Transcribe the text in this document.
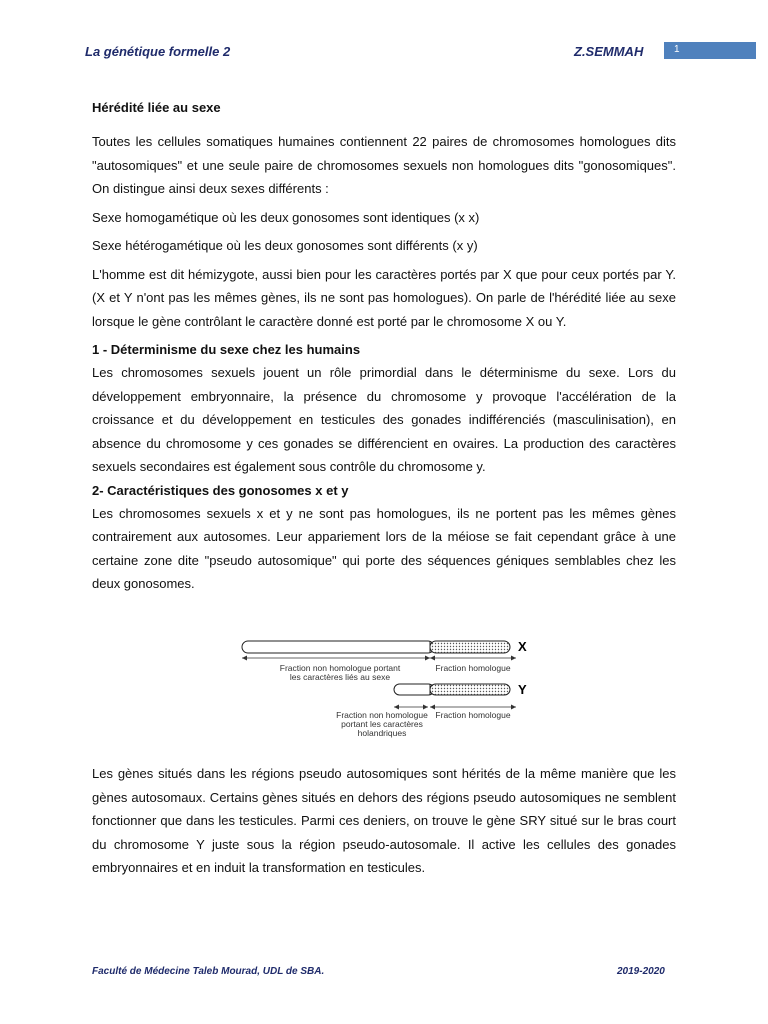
La génétique formelle 2	Z.SEMMAH	1
Hérédité liée au sexe

Toutes les cellules somatiques humaines contiennent 22 paires de chromosomes homologues dits "autosomiques" et une seule paire de chromosomes sexuels non homologues dits "gonosomiques". On distingue ainsi deux sexes différents :

Sexe homogamétique où les deux gonosomes sont identiques (x x)

Sexe hétérogamétique où les deux gonosomes sont différents (x y)

L'homme est dit hémizygote, aussi bien pour les caractères portés par X que pour ceux portés par Y. (X et Y n'ont pas les mêmes gènes, ils ne sont pas homologues). On parle de l'hérédité liée au sexe lorsque le gène contrôlant le caractère donné est porté par le chromosome X ou Y.

1 - Déterminisme du sexe chez les humains

Les chromosomes sexuels jouent un rôle primordial dans le déterminisme du sexe. Lors du développement embryonnaire, la présence du chromosome y provoque l'accélération de la croissance et du développement en testicules des gonades indifférenciés (masculinisation), en absence du chromosome y ces gonades se différencient en ovaires. La production des caractères sexuels secondaires est également sous contrôle du chromosome y.

2- Caractéristiques des gonosomes x et y

Les chromosomes sexuels x et y ne sont pas homologues, ils ne portent pas les mêmes gènes contrairement aux autosomes. Leur appariement lors de la méiose se fait cependant grâce à une certaine zone dite "pseudo autosomique" qui porte des séquences géniques semblables chez les deux gonosomes.

X
Fraction non homologue portant
les caractères liés au sexe
Fraction homologue
Y
Fraction non homologue
portant les caractères
holandriques
Fraction homologue

Les gènes situés dans les régions pseudo autosomiques sont hérités de la même manière que les gènes autosomaux. Certains gènes situés en dehors des régions pseudo autosomiques ne semblent fonctionner que dans les testicules. Parmi ces deniers, on trouve le gène SRY situé sur le bras court du chromosome Y juste sous la région pseudo-autosomale. Il active les cellules des gonades embryonnaires et en induit la transformation en testicules.

Faculté de Médecine Taleb Mourad, UDL de SBA.	2019-2020
